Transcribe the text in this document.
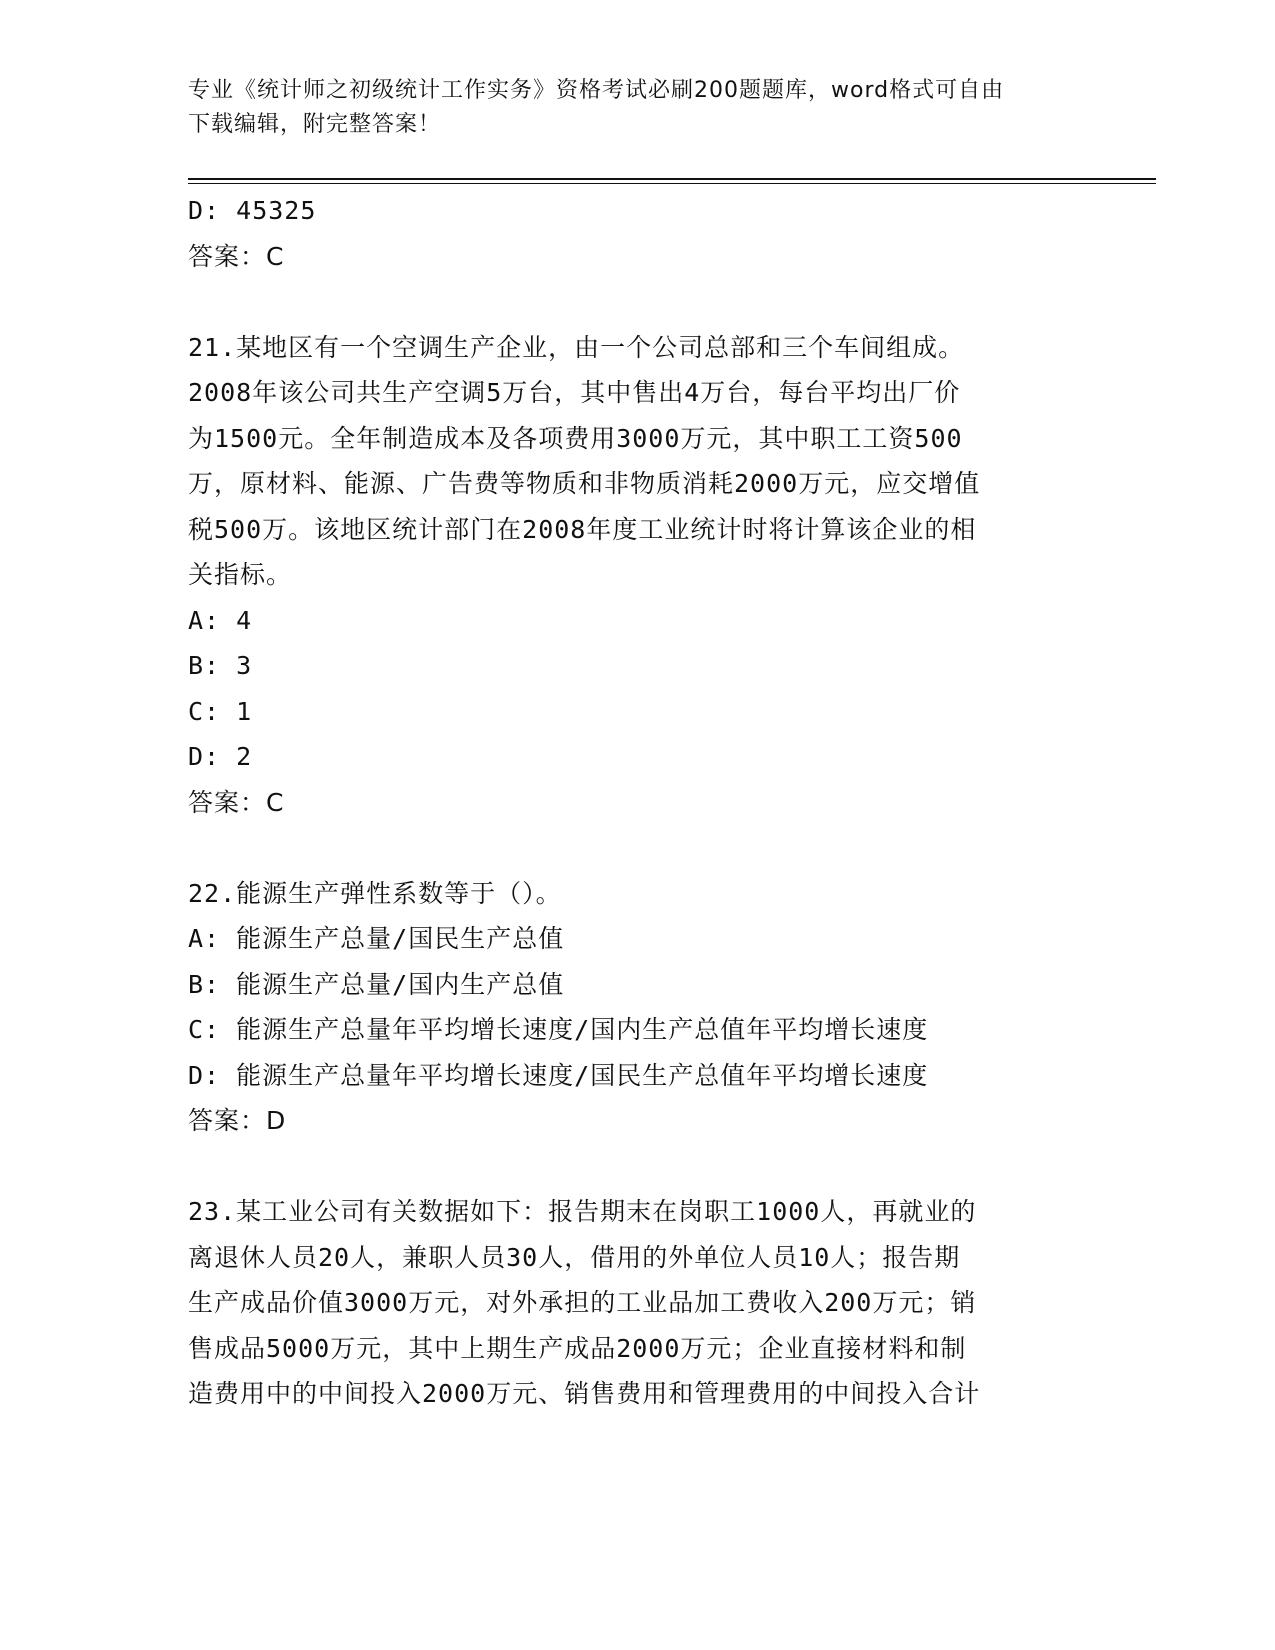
专业《统计师之初级统计工作实务》资格考试必刷200题题库，word格式可自由
下载编辑，附完整答案！
D: 45325
答案：C
21.某地区有一个空调生产企业，由一个公司总部和三个车间组成。
2008年该公司共生产空调5万台，其中售出4万台，每台平均出厂价
为1500元。全年制造成本及各项费用3000万元，其中职工工资500
万，原材料、能源、广告费等物质和非物质消耗2000万元，应交增值
税500万。该地区统计部门在2008年度工业统计时将计算该企业的相
关指标。
A: 4
B: 3
C: 1
D: 2
答案：C
22.能源生产弹性系数等于（）。
A: 能源生产总量/国民生产总值
B: 能源生产总量/国内生产总值
C: 能源生产总量年平均增长速度/国内生产总值年平均增长速度
D: 能源生产总量年平均增长速度/国民生产总值年平均增长速度
答案：D
23.某工业公司有关数据如下：报告期末在岗职工1000人，再就业的
离退休人员20人，兼职人员30人，借用的外单位人员10人；报告期
生产成品价值3000万元，对外承担的工业品加工费收入200万元；销
售成品5000万元，其中上期生产成品2000万元；企业直接材料和制
造费用中的中间投入2000万元、销售费用和管理费用的中间投入合计
